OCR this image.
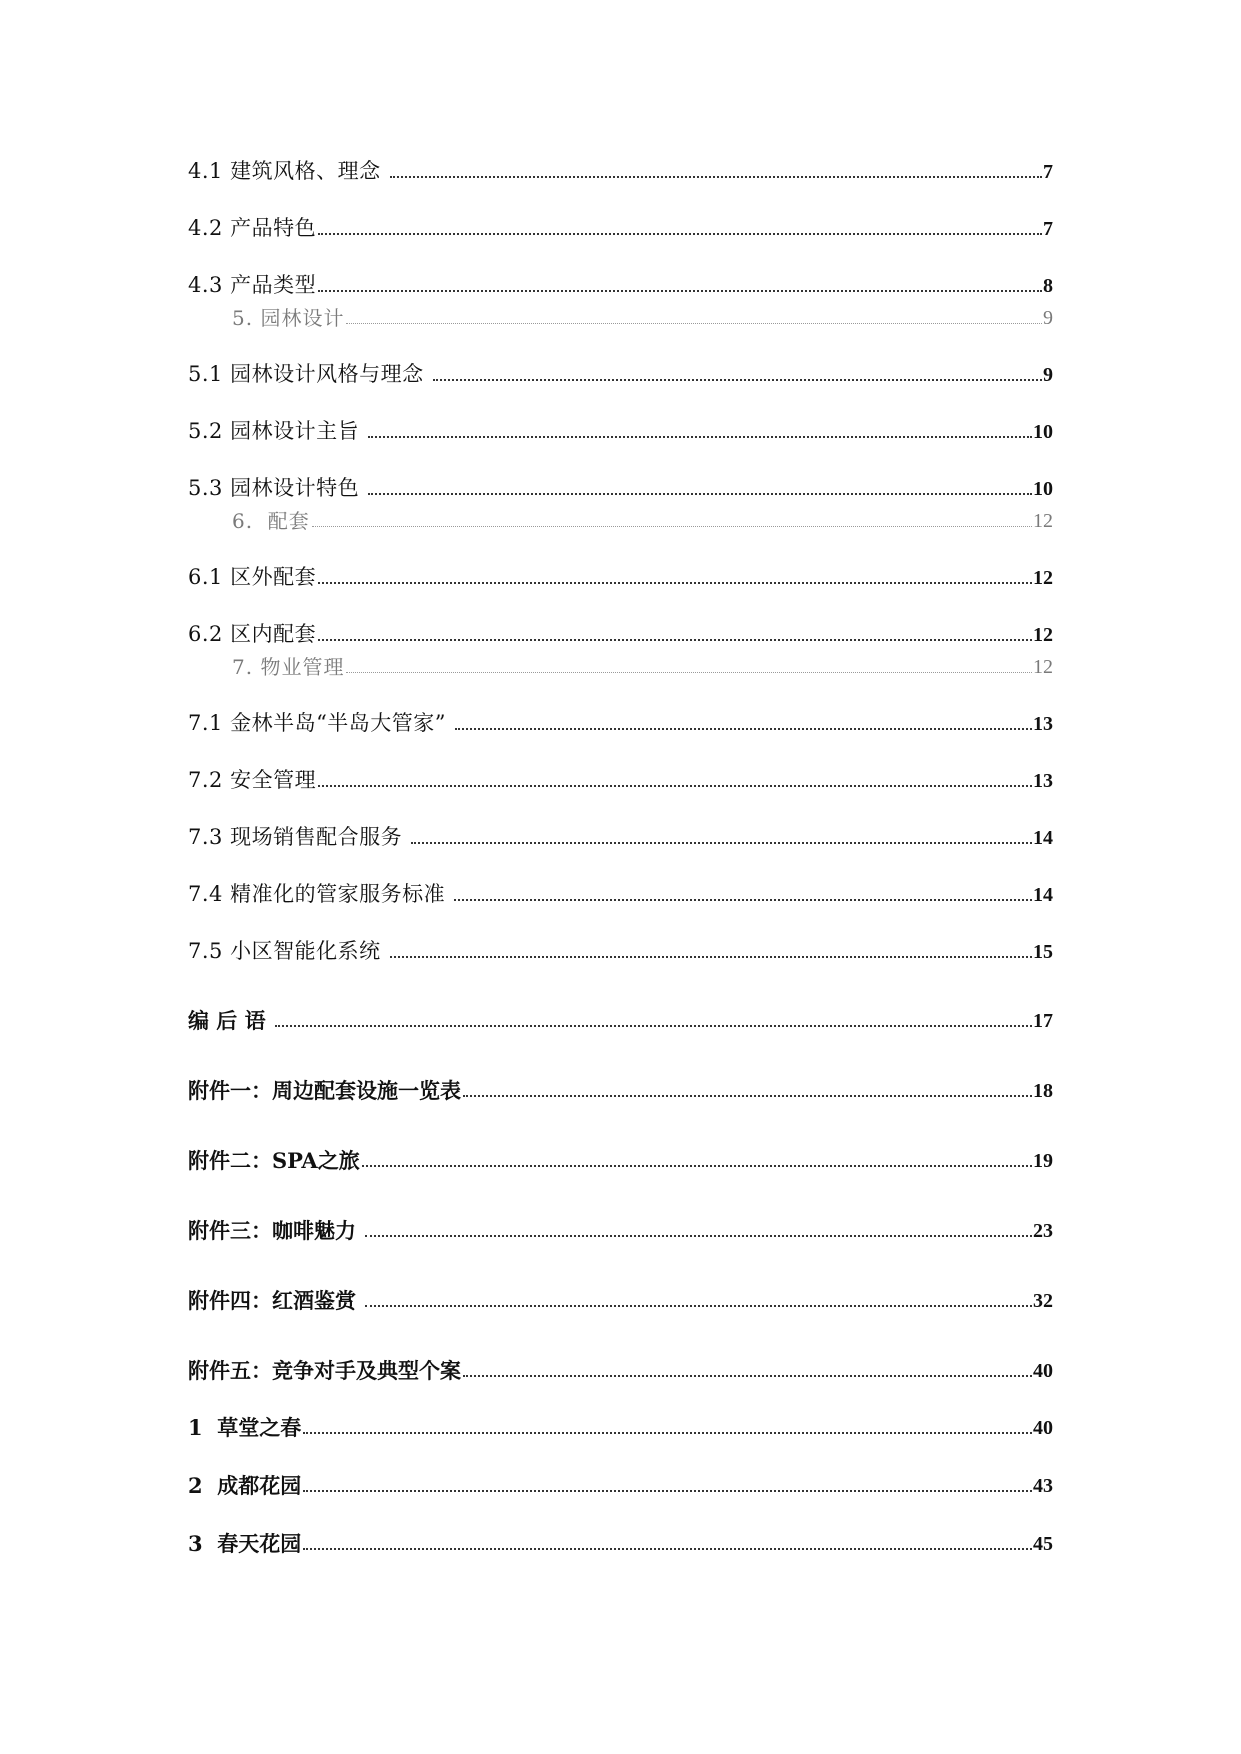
4.1 建筑风格、理念	7
4.2 产品特色	7
4.3 产品类型	8
5. 园林设计	9
5.1 园林设计风格与理念	9
5.2 园林设计主旨	10
5.3 园林设计特色	10
6.  配套	12
6.1 区外配套	12
6.2 区内配套	12
7. 物业管理	12
7.1 金林半岛“半岛大管家”	13
7.2 安全管理	13
7.3 现场销售配合服务	14
7.4 精准化的管家服务标准	14
7.5 小区智能化系统	15
编 后 语	17
附件一：周边配套设施一览表	18
附件二：SPA之旅	19
附件三：咖啡魅力	23
附件四：红酒鉴赏	32
附件五：竞争对手及典型个案	40
1  草堂之春	40
2  成都花园	43
3  春天花园	45
